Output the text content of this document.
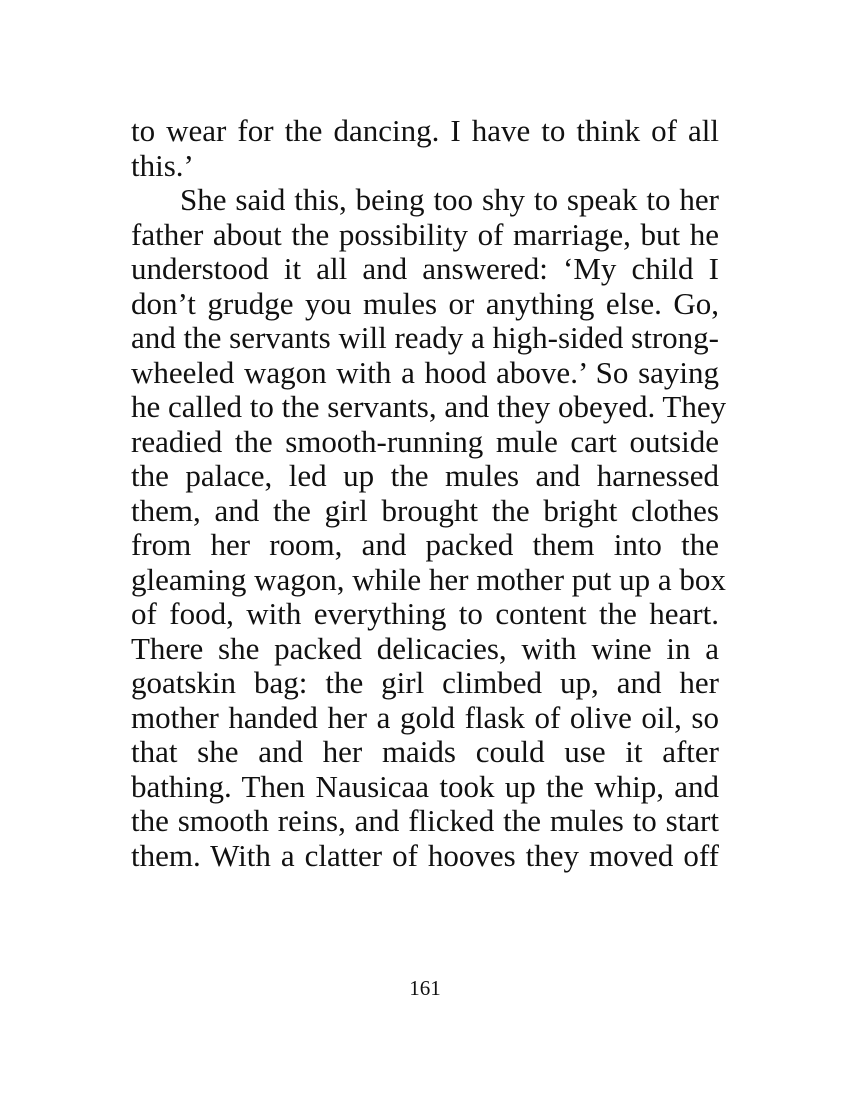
to wear for the dancing. I have to think of all
this.’
She said this, being too shy to speak to her
father about the possibility of marriage, but he
understood it all and answered: ‘My child I
don’t grudge you mules or anything else. Go,
and the servants will ready a high-sided strong-
wheeled wagon with a hood above.’ So saying
he called to the servants, and they obeyed. They
readied the smooth-running mule cart outside
the palace, led up the mules and harnessed
them, and the girl brought the bright clothes
from her room, and packed them into the
gleaming wagon, while her mother put up a box
of food, with everything to content the heart.
There she packed delicacies, with wine in a
goatskin bag: the girl climbed up, and her
mother handed her a gold flask of olive oil, so
that she and her maids could use it after
bathing. Then Nausicaa took up the whip, and
the smooth reins, and flicked the mules to start
them. With a clatter of hooves they moved off
161
